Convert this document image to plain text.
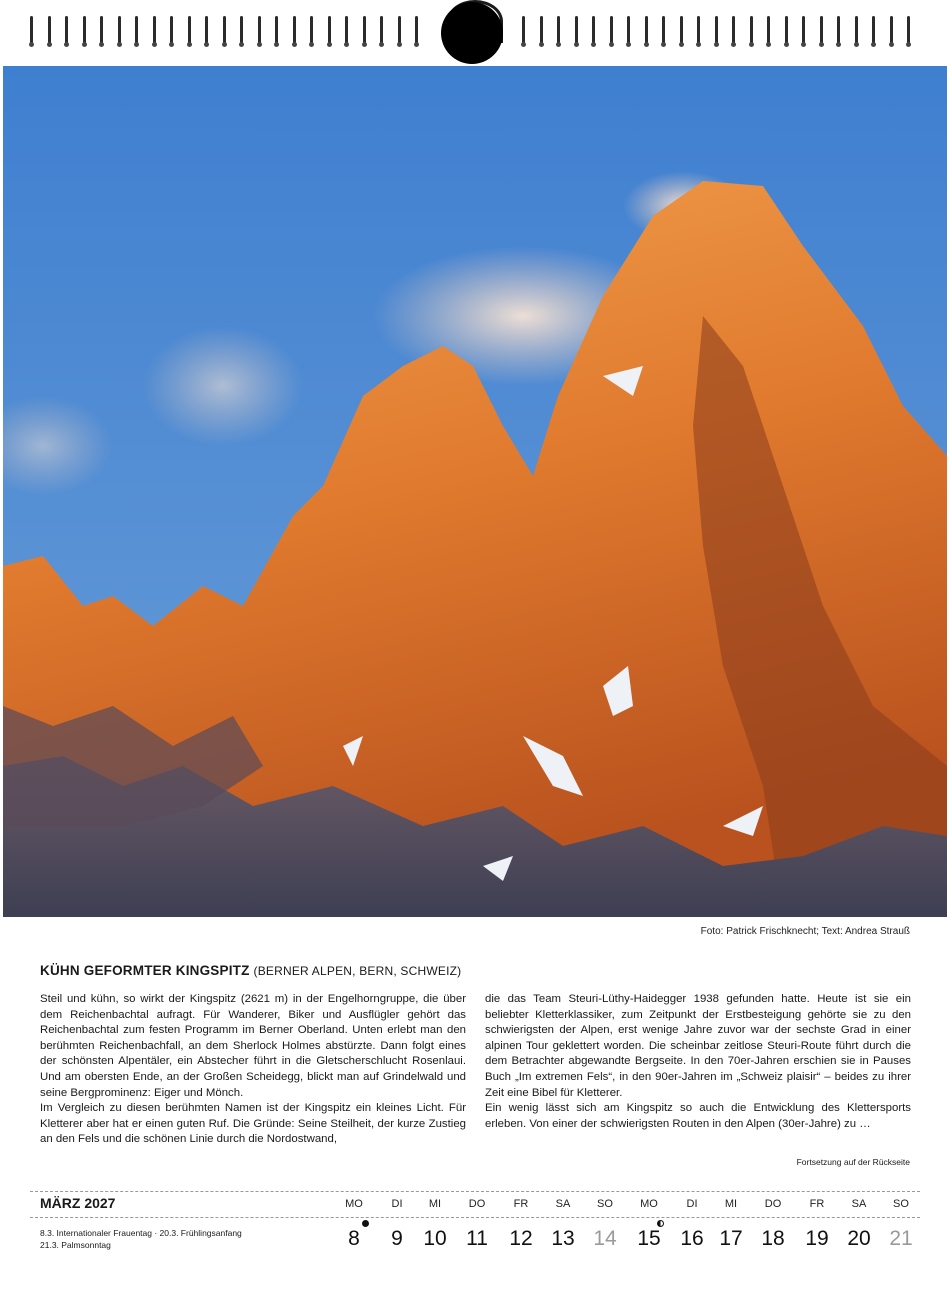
Foto: Patrick Frischknecht; Text: Andrea Strauß
KÜHN GEFORMTER KINGSPITZ (BERNER ALPEN, BERN, SCHWEIZ)

Steil und kühn, so wirkt der Kingspitz (2621 m) in der Engelhorngruppe, die über dem Reichenbachtal aufragt. Für Wanderer, Biker und Ausflügler gehört das Reichenbachtal zum festen Programm im Berner Oberland. Unten erlebt man den berühmten Reichenbachfall, an dem Sherlock Holmes abstürzte. Dann folgt eines der schönsten Alpentäler, ein Abstecher führt in die Gletscherschlucht Rosenlaui. Und am obersten Ende, an der Großen Scheidegg, blickt man auf Grindelwald und seine Bergprominenz: Eiger und Mönch.

Im Vergleich zu diesen berühmten Namen ist der Kingspitz ein kleines Licht. Für Kletterer aber hat er einen guten Ruf. Die Gründe: Seine Steilheit, der kurze Zustieg an den Fels und die schönen Linie durch die Nordostwand,

die das Team Steuri-Lüthy-Haidegger 1938 gefunden hatte. Heute ist sie ein beliebter Kletterklassiker, zum Zeitpunkt der Erstbesteigung gehörte sie zu den schwierigsten der Alpen, erst wenige Jahre zuvor war der sechste Grad in einer alpinen Tour geklettert worden. Die scheinbar zeitlose Steuri-Route führt durch die dem Betrachter abgewandte Bergseite. In den 70er-Jahren erschien sie in Pauses Buch „Im extremen Fels“, in den 90er-Jahren im „Schweiz plaisir“ – beides zu ihrer Zeit eine Bibel für Kletterer.

Ein wenig lässt sich am Kingspitz so auch die Entwicklung des Klettersports erleben. Von einer der schwierigsten Routen in den Alpen (30er-Jahre) zu …

Fortsetzung auf der Rückseite
MÄRZ 2027
8.3. Internationaler Frauentag · 20.3. Frühlingsanfang
21.3. Palmsonntag
MO
8
DI
9
MI
10
DO
11
FR
12
SA
13
SO
14
MO
15
DI
16
MI
17
DO
18
FR
19
SA
20
SO
21
